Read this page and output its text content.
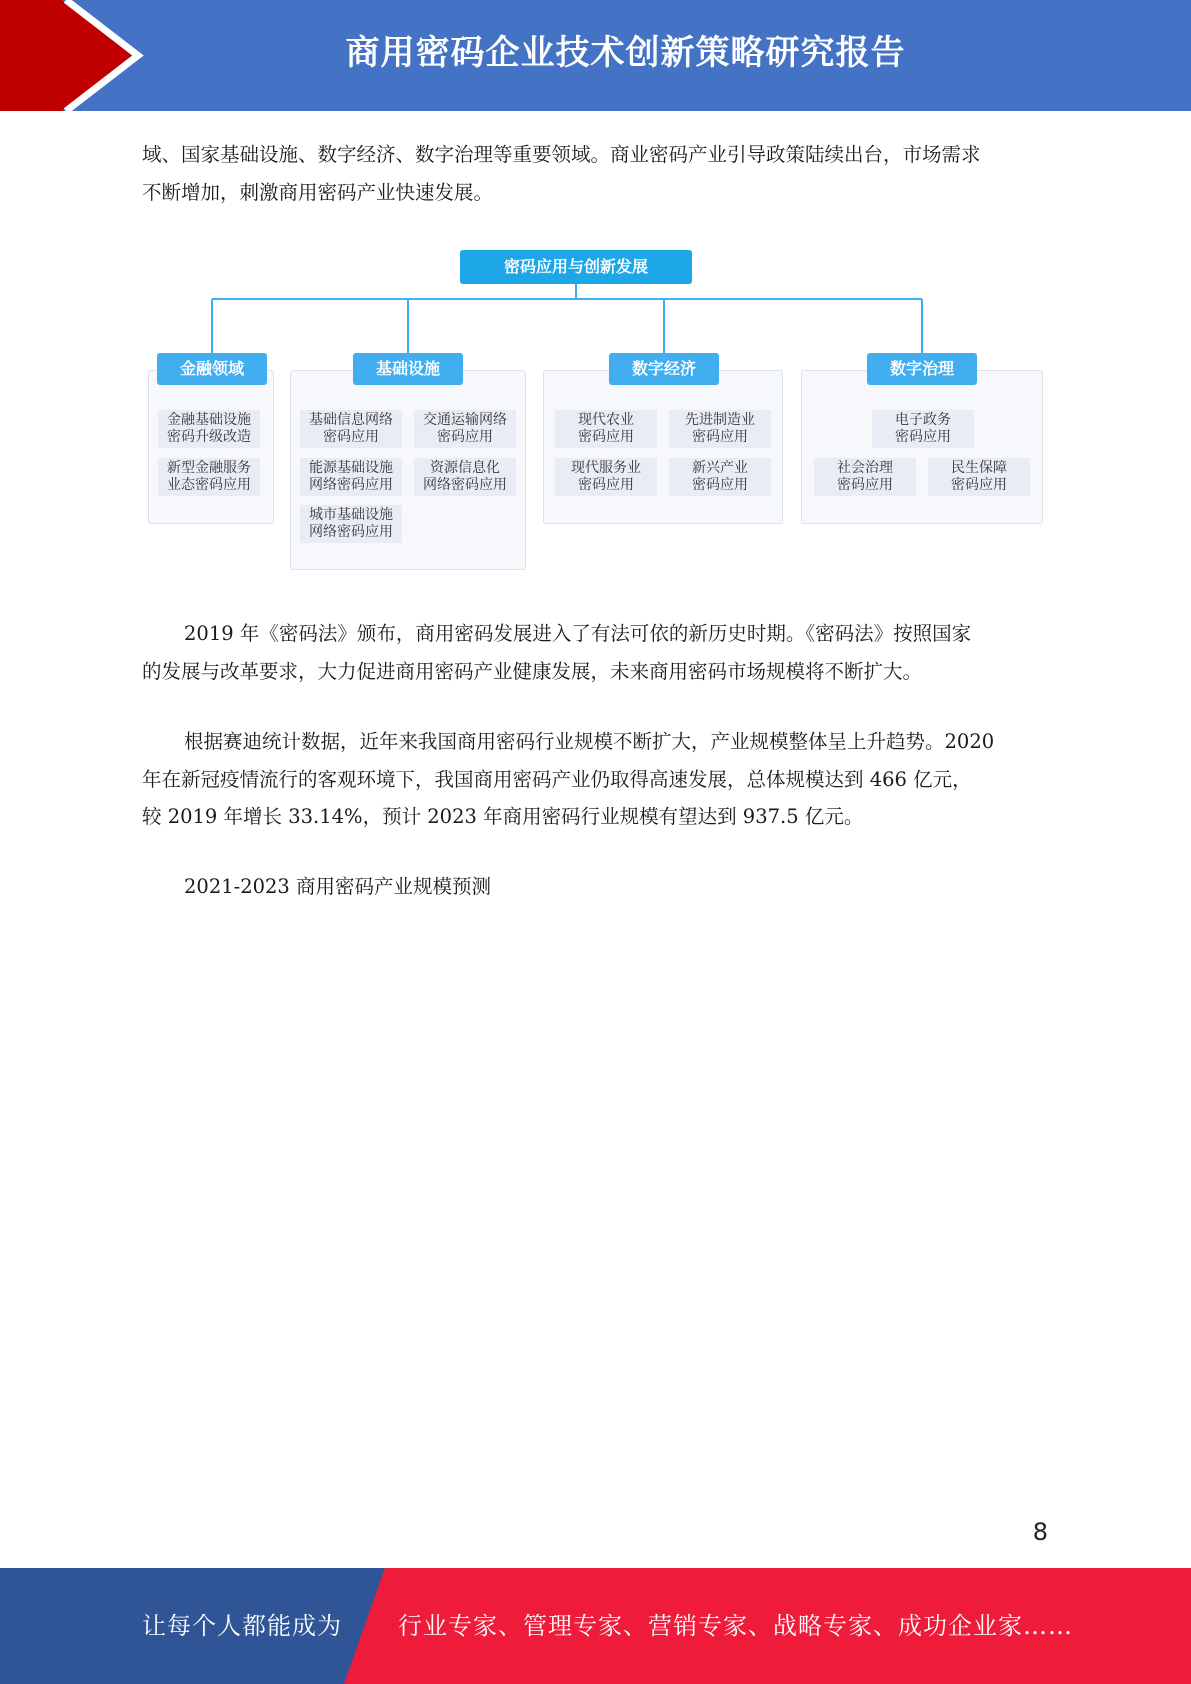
商用密码企业技术创新策略研究报告

域、国家基础设施、数字经济、数字治理等重要领域。商业密码产业引导政策陆续出台，市场需求
不断增加，刺激商用密码产业快速发展。

密码应用与创新发展
金融领域
金融基础设施
密码升级改造
新型金融服务
业态密码应用
基础设施
基础信息网络
密码应用
交通运输网络
密码应用
能源基础设施
网络密码应用
资源信息化
网络密码应用
城市基础设施
网络密码应用
数字经济
现代农业
密码应用
先进制造业
密码应用
现代服务业
密码应用
新兴产业
密码应用
数字治理
电子政务
密码应用
社会治理
密码应用
民生保障
密码应用

2019 年《密码法》颁布，商用密码发展进入了有法可依的新历史时期。《密码法》按照国家
的发展与改革要求，大力促进商用密码产业健康发展，未来商用密码市场规模将不断扩大。

根据赛迪统计数据，近年来我国商用密码行业规模不断扩大，产业规模整体呈上升趋势。2020
年在新冠疫情流行的客观环境下，我国商用密码产业仍取得高速发展，总体规模达到 466 亿元，
较 2019 年增长 33.14%，预计 2023 年商用密码行业规模有望达到 937.5 亿元。

2021-2023 商用密码产业规模预测

8
让每个人都能成为 行业专家、管理专家、营销专家、战略专家、成功企业家……
